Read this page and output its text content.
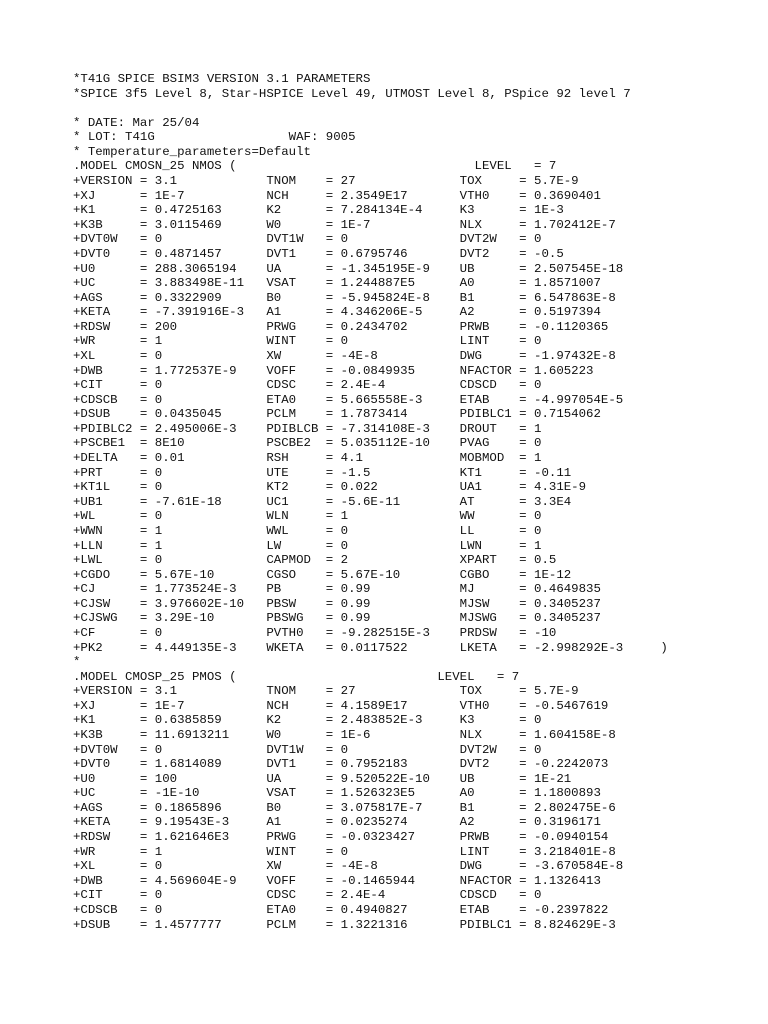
*T41G SPICE BSIM3 VERSION 3.1 PARAMETERS
*SPICE 3f5 Level 8, Star-HSPICE Level 49, UTMOST Level 8, PSpice 92 level 7
* DATE: Mar 25/04
* LOT: T41G                  WAF: 9005
* Temperature_parameters=Default
.MODEL CMOSN_25 NMOS (                                LEVEL   = 7
+VERSION = 3.1            TNOM    = 27              TOX     = 5.7E-9
+XJ      = 1E-7           NCH     = 2.3549E17       VTH0    = 0.3690401
+K1      = 0.4725163      K2      = 7.284134E-4     K3      = 1E-3
+K3B     = 3.0115469      W0      = 1E-7            NLX     = 1.702412E-7
+DVT0W   = 0              DVT1W   = 0               DVT2W   = 0
+DVT0    = 0.4871457      DVT1    = 0.6795746       DVT2    = -0.5
+U0      = 288.3065194    UA      = -1.345195E-9    UB      = 2.507545E-18
+UC      = 3.883498E-11   VSAT    = 1.244887E5      A0      = 1.8571007
+AGS     = 0.3322909      B0      = -5.945824E-8    B1      = 6.547863E-8
+KETA    = -7.391916E-3   A1      = 4.346206E-5     A2      = 0.5197394
+RDSW    = 200            PRWG    = 0.2434702       PRWB    = -0.1120365
+WR      = 1              WINT    = 0               LINT    = 0
+XL      = 0              XW      = -4E-8           DWG     = -1.97432E-8
+DWB     = 1.772537E-9    VOFF    = -0.0849935      NFACTOR = 1.605223
+CIT     = 0              CDSC    = 2.4E-4          CDSCD   = 0
+CDSCB   = 0              ETA0    = 5.665558E-3     ETAB    = -4.997054E-5
+DSUB    = 0.0435045      PCLM    = 1.7873414       PDIBLC1 = 0.7154062
+PDIBLC2 = 2.495006E-3    PDIBLCB = -7.314108E-3    DROUT   = 1
+PSCBE1  = 8E10           PSCBE2  = 5.035112E-10    PVAG    = 0
+DELTA   = 0.01           RSH     = 4.1             MOBMOD  = 1
+PRT     = 0              UTE     = -1.5            KT1     = -0.11
+KT1L    = 0              KT2     = 0.022           UA1     = 4.31E-9
+UB1     = -7.61E-18      UC1     = -5.6E-11        AT      = 3.3E4
+WL      = 0              WLN     = 1               WW      = 0
+WWN     = 1              WWL     = 0               LL      = 0
+LLN     = 1              LW      = 0               LWN     = 1
+LWL     = 0              CAPMOD  = 2               XPART   = 0.5
+CGDO    = 5.67E-10       CGSO    = 5.67E-10        CGBO    = 1E-12
+CJ      = 1.773524E-3    PB      = 0.99            MJ      = 0.4649835
+CJSW    = 3.976602E-10   PBSW    = 0.99            MJSW    = 0.3405237
+CJSWG   = 3.29E-10       PBSWG   = 0.99            MJSWG   = 0.3405237
+CF      = 0              PVTH0   = -9.282515E-3    PRDSW   = -10
+PK2     = 4.449135E-3    WKETA   = 0.0117522       LKETA   = -2.998292E-3     )
*
.MODEL CMOSP_25 PMOS (                           LEVEL   = 7
+VERSION = 3.1            TNOM    = 27              TOX     = 5.7E-9
+XJ      = 1E-7           NCH     = 4.1589E17       VTH0    = -0.5467619
+K1      = 0.6385859      K2      = 2.483852E-3     K3      = 0
+K3B     = 11.6913211     W0      = 1E-6            NLX     = 1.604158E-8
+DVT0W   = 0              DVT1W   = 0               DVT2W   = 0
+DVT0    = 1.6814089      DVT1    = 0.7952183       DVT2    = -0.2242073
+U0      = 100            UA      = 9.520522E-10    UB      = 1E-21
+UC      = -1E-10         VSAT    = 1.526323E5      A0      = 1.1800893
+AGS     = 0.1865896      B0      = 3.075817E-7     B1      = 2.802475E-6
+KETA    = 9.19543E-3     A1      = 0.0235274       A2      = 0.3196171
+RDSW    = 1.621646E3     PRWG    = -0.0323427      PRWB    = -0.0940154
+WR      = 1              WINT    = 0               LINT    = 3.218401E-8
+XL      = 0              XW      = -4E-8           DWG     = -3.670584E-8
+DWB     = 4.569604E-9    VOFF    = -0.1465944      NFACTOR = 1.1326413
+CIT     = 0              CDSC    = 2.4E-4          CDSCD   = 0
+CDSCB   = 0              ETA0    = 0.4940827       ETAB    = -0.2397822
+DSUB    = 1.4577777      PCLM    = 1.3221316       PDIBLC1 = 8.824629E-3
